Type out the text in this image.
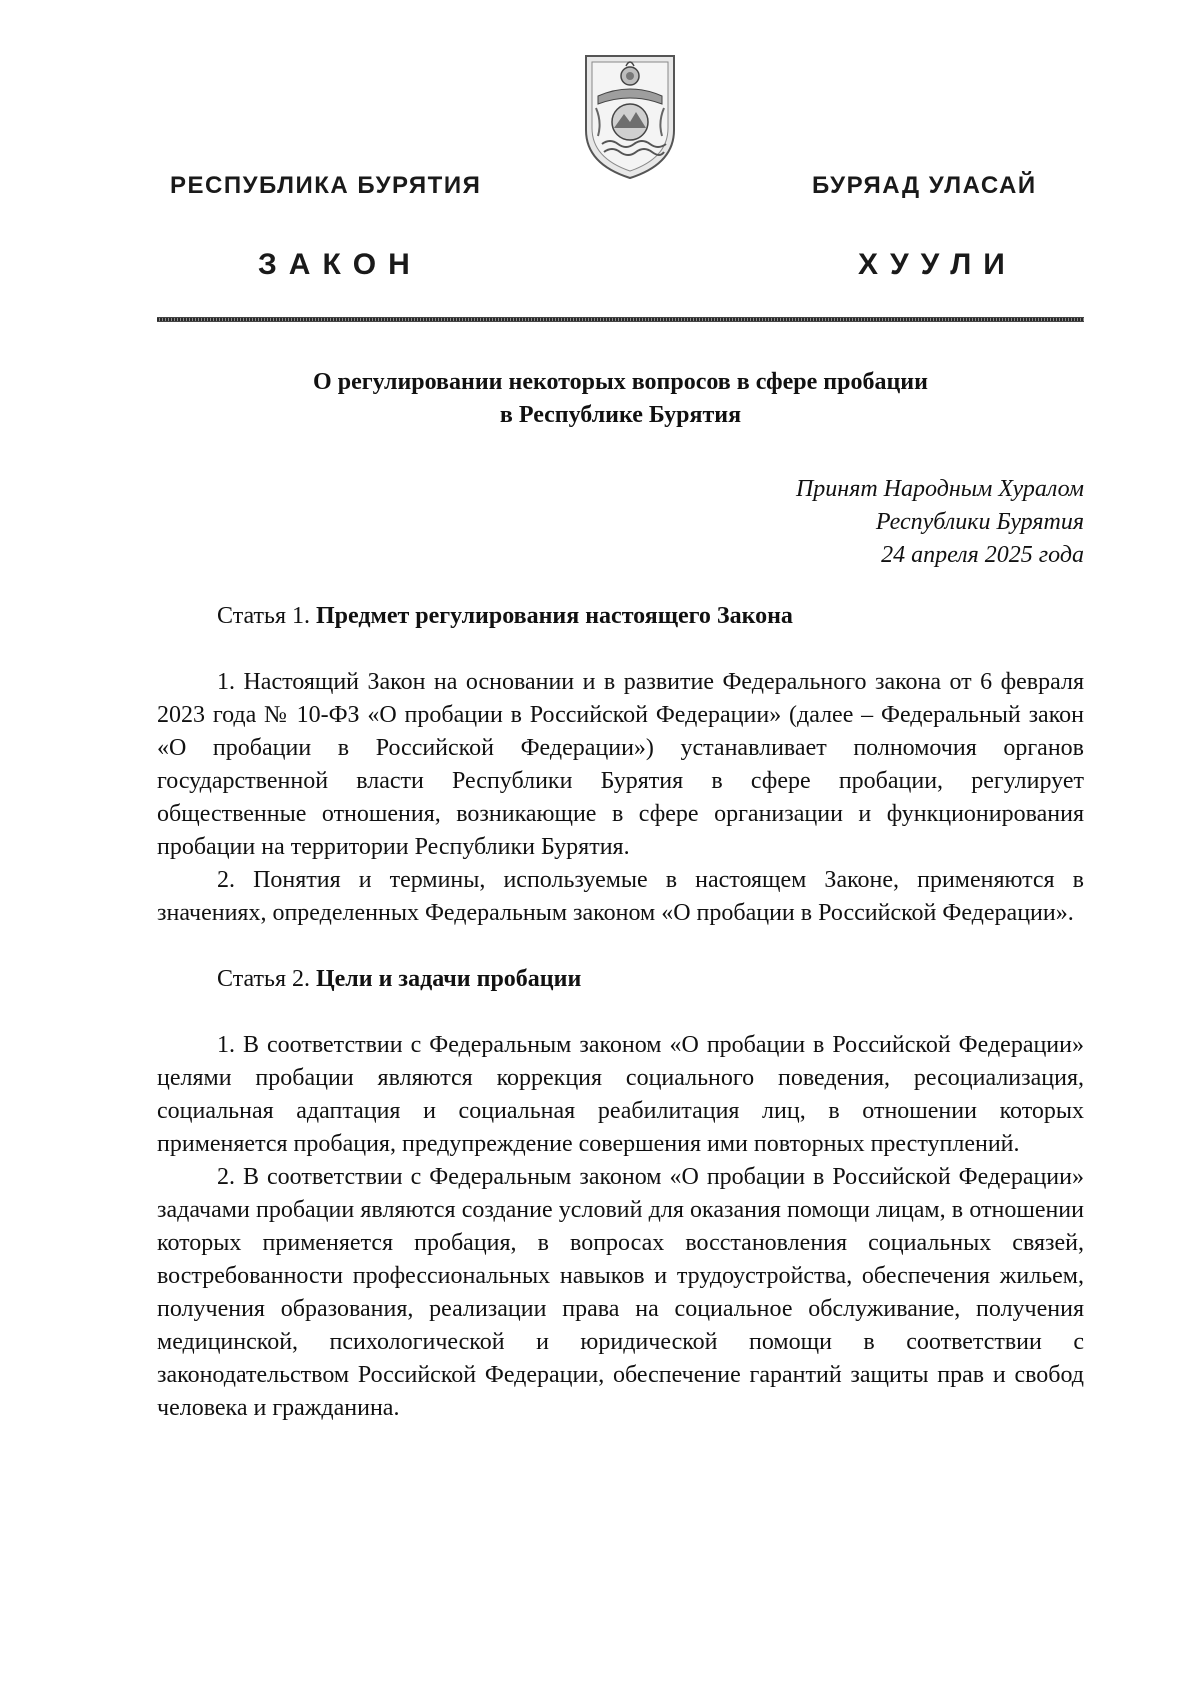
РЕСПУБЛИКА БУРЯТИЯ	БУРЯАД УЛАСАЙ
ЗАКОН	ХУУЛИ
О регулировании некоторых вопросов в сфере пробации
в Республике Бурятия
Принят Народным Хуралом
Республики Бурятия
24 апреля 2025 года

Статья 1. Предмет регулирования настоящего Закона

1. Настоящий Закон на основании и в развитие Федерального закона от 6 февраля 2023 года № 10-ФЗ «О пробации в Российской Федерации» (далее – Федеральный закон «О пробации в Российской Федерации») устанавливает полномочия органов государственной власти Республики Бурятия в сфере пробации, регулирует общественные отношения, возникающие в сфере организации и функционирования пробации на территории Республики Бурятия.

2. Понятия и термины, используемые в настоящем Законе, применяются в значениях, определенных Федеральным законом «О пробации в Российской Федерации».

Статья 2. Цели и задачи пробации

1. В соответствии с Федеральным законом «О пробации в Российской Федерации» целями пробации являются коррекция социального поведения, ресоциализация, социальная адаптация и социальная реабилитация лиц, в отношении которых применяется пробация, предупреждение совершения ими повторных преступлений.

2. В соответствии с Федеральным законом «О пробации в Российской Федерации» задачами пробации являются создание условий для оказания помощи лицам, в отношении которых применяется пробация, в вопросах восстановления социальных связей, востребованности профессиональных навыков и трудоустройства, обеспечения жильем, получения образования, реализации права на социальное обслуживание, получения медицинской, психологической и юридической помощи в соответствии с законодательством Российской Федерации, обеспечение гарантий защиты прав и свобод человека и гражданина.
